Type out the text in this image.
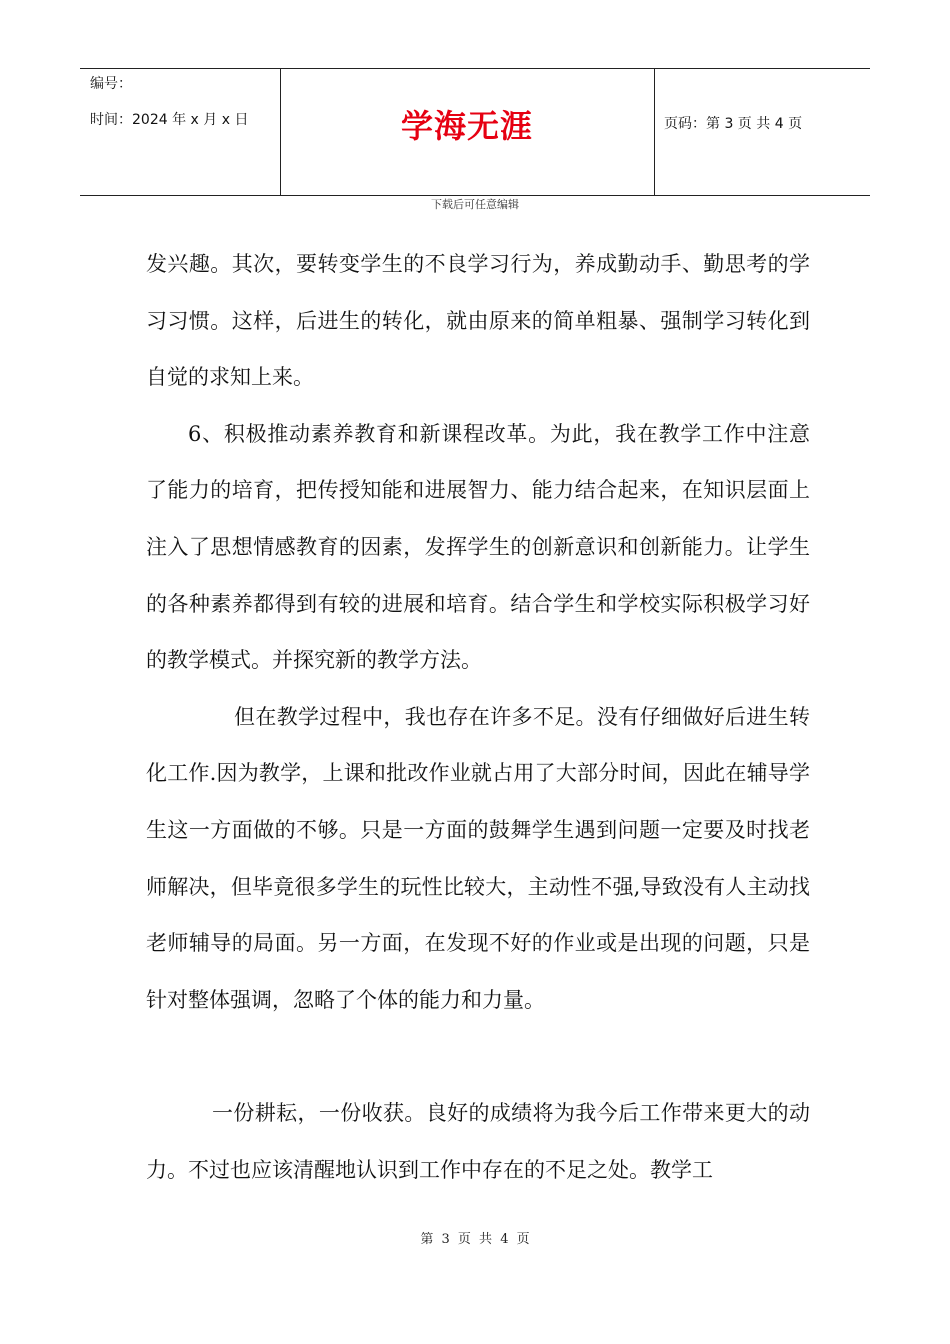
编号：
时间：2024 年 x 月 x 日	学海无涯	页码：第 3 页 共 4 页
下载后可任意编辑

发兴趣。其次，要转变学生的不良学习行为，养成勤动手、勤思考的学习习惯。这样，后进生的转化，就由原来的简单粗暴、强制学习转化到自觉的求知上来。

6、积极推动素养教育和新课程改革。为此，我在教学工作中注意了能力的培育，把传授知能和进展智力、能力结合起来，在知识层面上注入了思想情感教育的因素，发挥学生的创新意识和创新能力。让学生的各种素养都得到有较的进展和培育。结合学生和学校实际积极学习好的教学模式。并探究新的教学方法。

但在教学过程中，我也存在许多不足。没有仔细做好后进生转化工作.因为教学，上课和批改作业就占用了大部分时间，因此在辅导学生这一方面做的不够。只是一方面的鼓舞学生遇到问题一定要及时找老师解决，但毕竟很多学生的玩性比较大，主动性不强,导致没有人主动找老师辅导的局面。另一方面，在发现不好的作业或是出现的问题，只是针对整体强调，忽略了个体的能力和力量。

一份耕耘，一份收获。良好的成绩将为我今后工作带来更大的动力。不过也应该清醒地认识到工作中存在的不足之处。教学工

第 3 页 共 4 页
